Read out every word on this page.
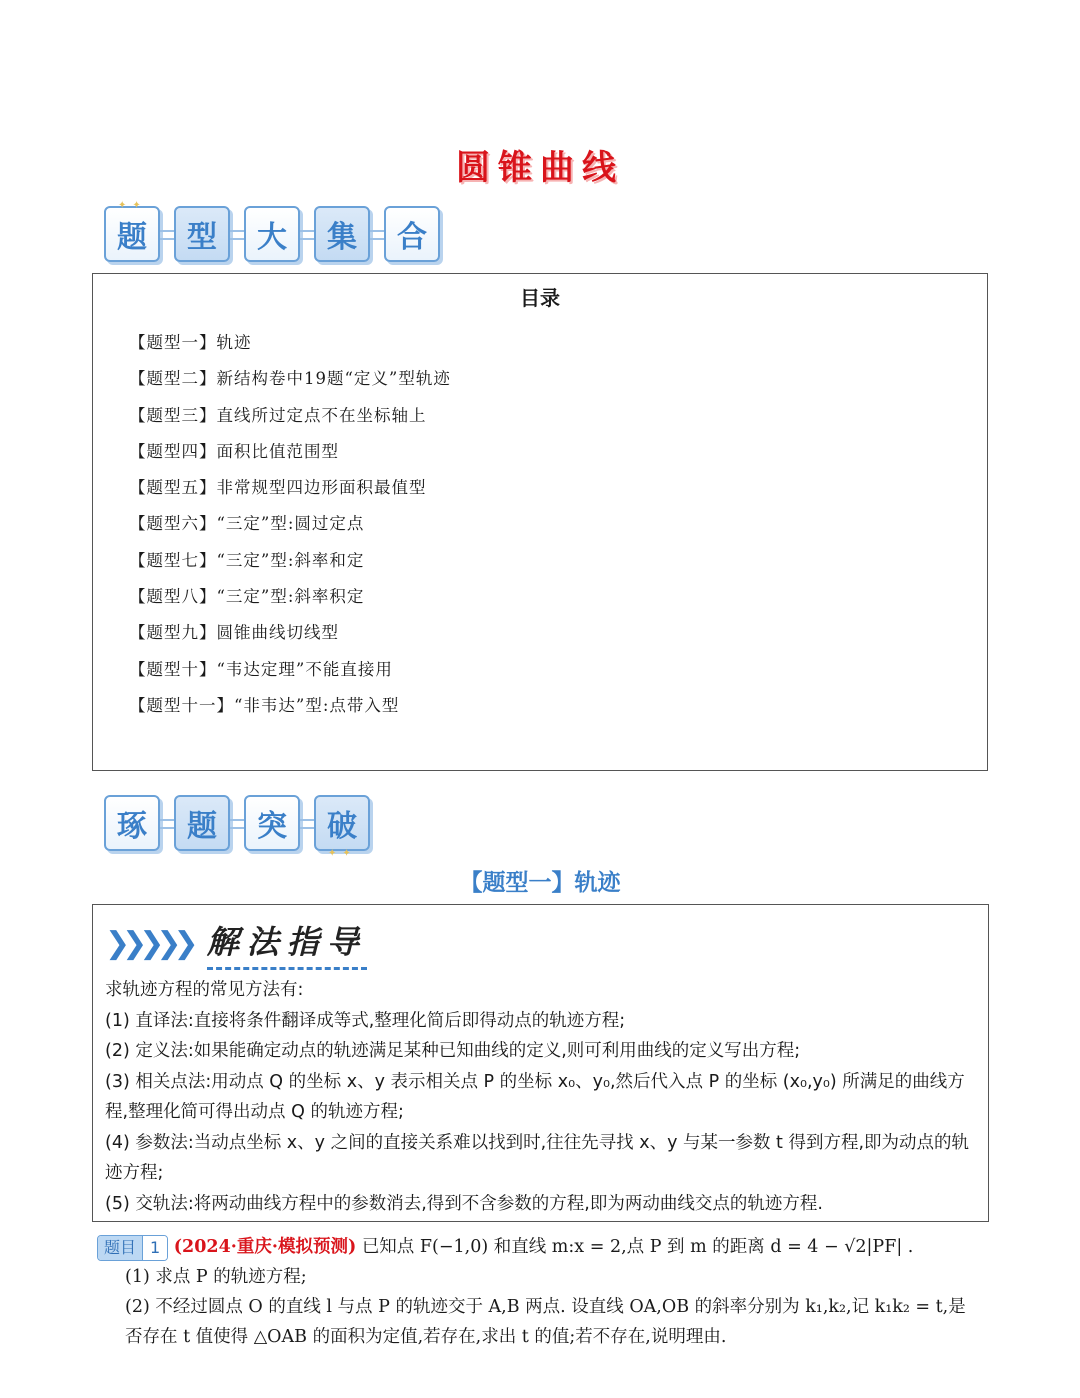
圆锥曲线
✦✦
题 型 大 集 合
目录
【题型一】轨迹
【题型二】新结构卷中19题“定义”型轨迹
【题型三】直线所过定点不在坐标轴上
【题型四】面积比值范围型
【题型五】非常规型四边形面积最值型
【题型六】“三定”型:圆过定点
【题型七】“三定”型:斜率和定
【题型八】“三定”型:斜率积定
【题型九】圆锥曲线切线型
【题型十】“韦达定理”不能直接用
【题型十一】“非韦达”型:点带入型
琢 题 突
✦✦
破
【题型一】轨迹
❯❯❯❯❯ 解法指导

求轨迹方程的常见方法有:

(1) 直译法:直接将条件翻译成等式,整理化简后即得动点的轨迹方程;

(2) 定义法:如果能确定动点的轨迹满足某种已知曲线的定义,则可利用曲线的定义写出方程;

(3) 相关点法:用动点 Q 的坐标 x、y 表示相关点 P 的坐标 x₀、y₀,然后代入点 P 的坐标 (x₀,y₀) 所满足的曲线方程,整理化简可得出动点 Q 的轨迹方程;

(4) 参数法:当动点坐标 x、y 之间的直接关系难以找到时,往往先寻找 x、y 与某一参数 t 得到方程,即为动点的轨迹方程;

(5) 交轨法:将两动曲线方程中的参数消去,得到不含参数的方程,即为两动曲线交点的轨迹方程.

题目 1 (2024·重庆·模拟预测) 已知点 F(−1,0) 和直线 m:x = 2,点 P 到 m 的距离 d = 4 − √2|PF| .
(1) 求点 P 的轨迹方程;
(2) 不经过圆点 O 的直线 l 与点 P 的轨迹交于 A,B 两点. 设直线 OA,OB 的斜率分别为 k₁,k₂,记 k₁k₂ = t,是否存在 t 值使得 △OAB 的面积为定值,若存在,求出 t 的值;若不存在,说明理由.
